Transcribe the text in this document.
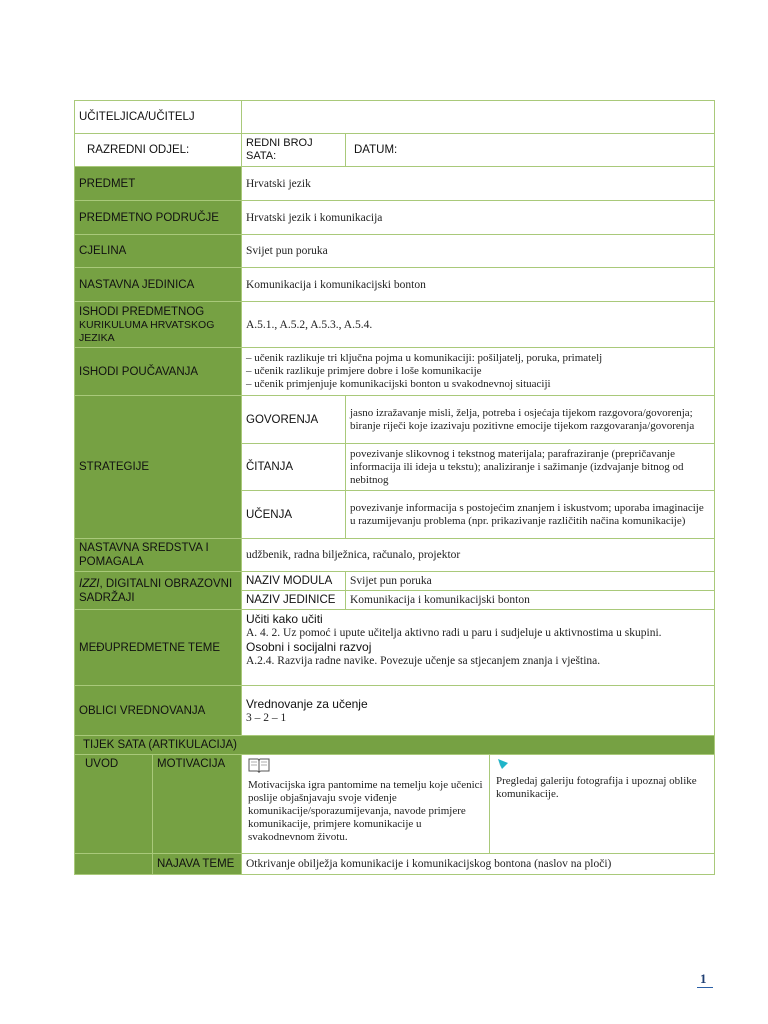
UČITELJICA/UČITELJ		
RAZREDNI ODJEL:	REDNI BROJ SATA:	DATUM:
PREDMET	Hrvatski jezik	
PREDMETNO PODRUČJE	Hrvatski jezik i komunikacija	
CJELINA	Svijet pun poruka	
NASTAVNA JEDINICA	Komunikacija i komunikacijski bonton	

ISHODI PREDMETNOG
KURIKULUMA HRVATSKOG JEZIKA	A.5.1., A.5.2, A.5.3., A.5.4.	
ISHODI POUČAVANJA	– učenik razlikuje tri ključna pojma u komunikaciji: pošiljatelj, poruka, primatelj
– učenik razlikuje primjere dobre i loše komunikacije
– učenik primjenjuje komunikacijski bonton u svakodnevnoj situaciji	

STRATEGIJE	GOVORENJA	jasno izražavanje misli, želja, potreba i osjećaja tijekom razgovora/govorenja; biranje riječi koje izazivaju pozitivne emocije tijekom razgovaranja/govorenja
	ČITANJA	povezivanje slikovnog i tekstnog materijala; parafraziranje (prepričavanje informacija ili ideja u tekstu); analiziranje i sažimanje (izdvajanje bitnog od nebitnog
	UČENJA	povezivanje informacija s postojećim znanjem i iskustvom; uporaba imaginacije u razumijevanju problema (npr. prikazivanje različitih načina komunikacije)
NASTAVNA SREDSTVA I POMAGALA	udžbenik, radna bilježnica, računalo, projektor	
IZZI, DIGITALNI OBRAZOVNI SADRŽAJI	NAZIV MODULA	Svijet pun poruka
	NAZIV JEDINICE	Komunikacija i komunikacijski bonton
MEĐUPREDMETNE TEME	Učiti kako učiti
A. 4. 2. Uz pomoć i upute učitelja aktivno radi u paru i sudjeluje u aktivnostima u skupini.
Osobni i socijalni razvoj
A.2.4. Razvija radne navike. Povezuje učenje sa stjecanjem znanja i vještina.	

OBLICI VREDNOVANJA	Vrednovanje za učenje
3 – 2 – 1	

TIJEK SATA (ARTIKULACIJA)		
UVOD	MOTIVACIJA	Motivacijska igra pantomime na temelju koje učenici poslije objašnjavaju svoje viđenje komunikacije/sporazumijevanja, navode primjere komunikacije, primjere komunikacije u svakodnevnom životu.	Pregledaj galeriju fotografija i upoznaj oblike komunikacije.

	NAJAVA TEME	Otkrivanje obilježja komunikacije i komunikacijskog bontona (naslov na ploči)	
1
